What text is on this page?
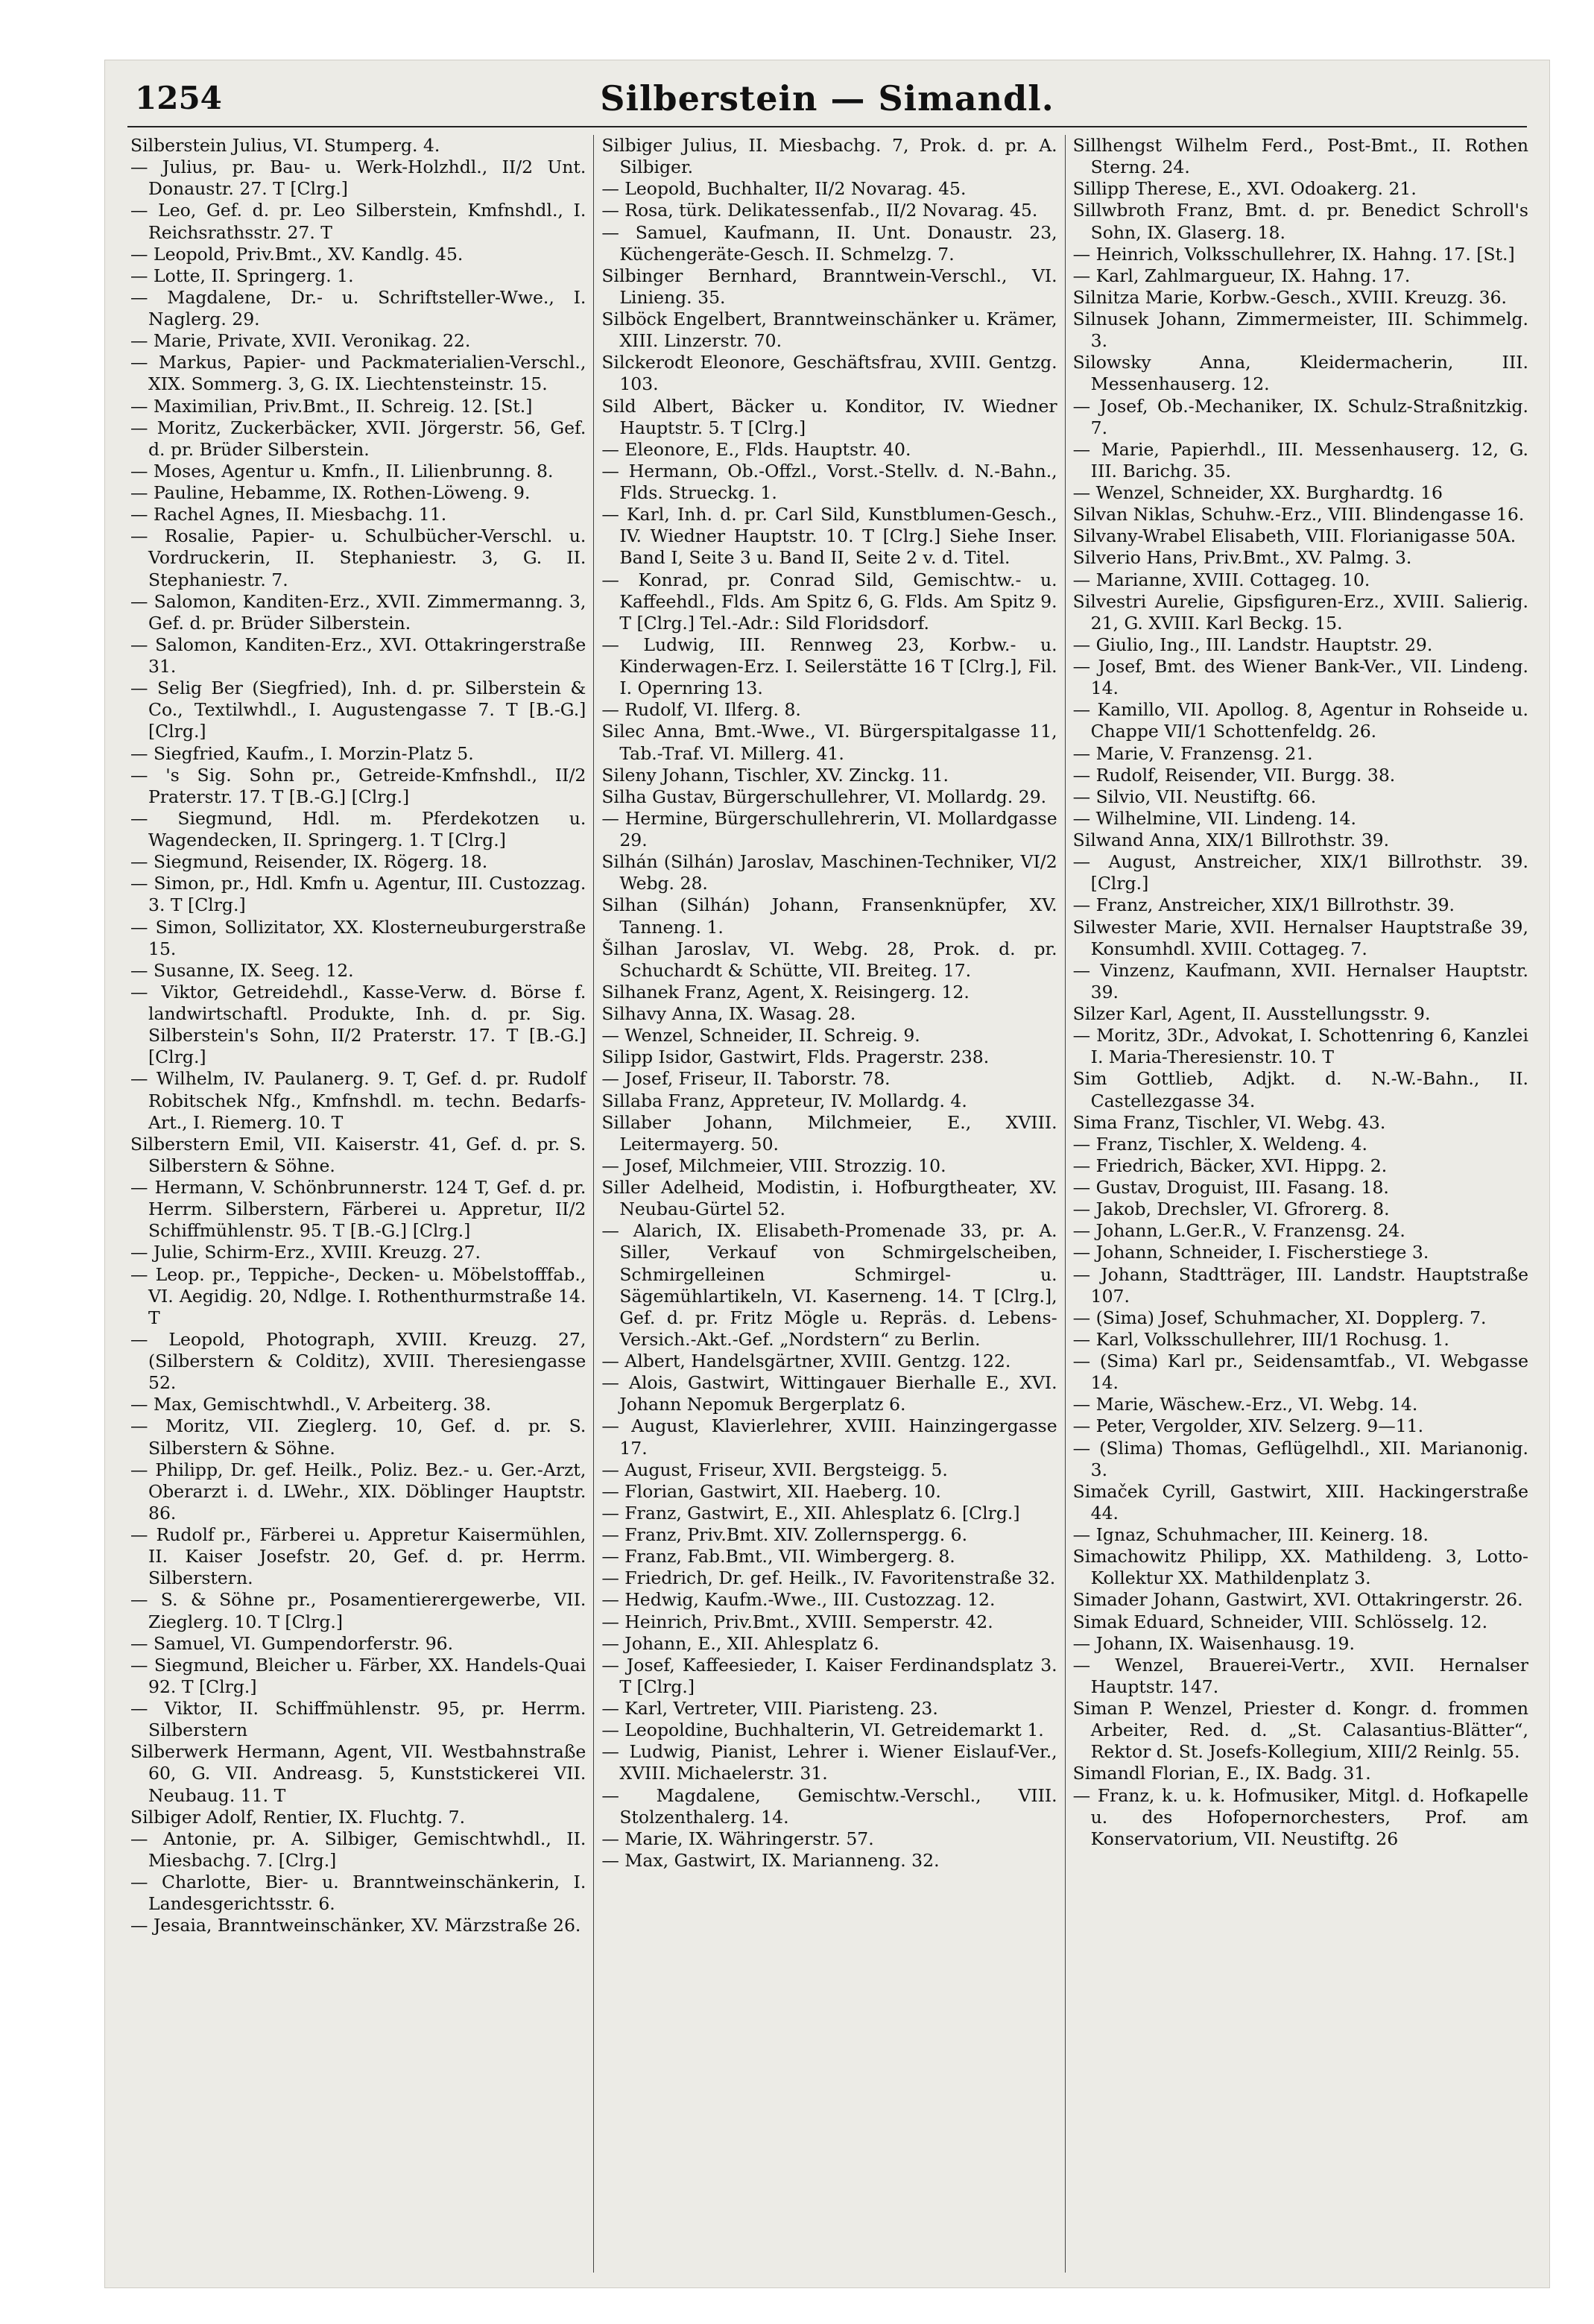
1254	Silberstein — Simandl.

Silberstein Julius, VI. Stumperg. 4.

— Julius, pr. Bau- u. Werk-Holzhdl., II/2 Unt. Donaustr. 27. T [Clrg.]

— Leo, Gef. d. pr. Leo Silberstein, Kmfnshdl., I. Reichsrathsstr. 27. T

— Leopold, Priv.Bmt., XV. Kandlg. 45.

— Lotte, II. Springerg. 1.

— Magdalene, Dr.- u. Schriftsteller-Wwe., I. Naglerg. 29.

— Marie, Private, XVII. Veronikag. 22.

— Markus, Papier- und Packmaterialien-Verschl., XIX. Sommerg. 3, G. IX. Liechtensteinstr. 15.

— Maximilian, Priv.Bmt., II. Schreig. 12. [St.]

— Moritz, Zuckerbäcker, XVII. Jörgerstr. 56, Gef. d. pr. Brüder Silberstein.

— Moses, Agentur u. Kmfn., II. Lilienbrunng. 8.

— Pauline, Hebamme, IX. Rothen-Löweng. 9.

— Rachel Agnes, II. Miesbachg. 11.

— Rosalie, Papier- u. Schulbücher-Verschl. u. Vordruckerin, II. Stephaniestr. 3, G. II. Stephaniestr. 7.

— Salomon, Kanditen-Erz., XVII. Zimmermanng. 3, Gef. d. pr. Brüder Silberstein.

— Salomon, Kanditen-Erz., XVI. Ottakringerstraße 31.

— Selig Ber (Siegfried), Inh. d. pr. Silberstein & Co., Textilwhdl., I. Augustengasse 7. T [B.-G.] [Clrg.]

— Siegfried, Kaufm., I. Morzin-Platz 5.

— 's Sig. Sohn pr., Getreide-Kmfnshdl., II/2 Praterstr. 17. T [B.-G.] [Clrg.]

— Siegmund, Hdl. m. Pferdekotzen u. Wagendecken, II. Springerg. 1. T [Clrg.]

— Siegmund, Reisender, IX. Rögerg. 18.

— Simon, pr., Hdl. Kmfn u. Agentur, III. Custozzag. 3. T [Clrg.]

— Simon, Sollizitator, XX. Klosterneuburgerstraße 15.

— Susanne, IX. Seeg. 12.

— Viktor, Getreidehdl., Kasse-Verw. d. Börse f. landwirtschaftl. Produkte, Inh. d. pr. Sig. Silberstein's Sohn, II/2 Praterstr. 17. T [B.-G.] [Clrg.]

— Wilhelm, IV. Paulanerg. 9. T, Gef. d. pr. Rudolf Robitschek Nfg., Kmfnshdl. m. techn. Bedarfs-Art., I. Riemerg. 10. T

Silberstern Emil, VII. Kaiserstr. 41, Gef. d. pr. S. Silberstern & Söhne.

— Hermann, V. Schönbrunnerstr. 124 T, Gef. d. pr. Herrm. Silberstern, Färberei u. Appretur, II/2 Schiffmühlenstr. 95. T [B.-G.] [Clrg.]

— Julie, Schirm-Erz., XVIII. Kreuzg. 27.

— Leop. pr., Teppiche-, Decken- u. Möbelstofffab., VI. Aegidig. 20, Ndlge. I. Rothenthurmstraße 14. T

— Leopold, Photograph, XVIII. Kreuzg. 27, (Silberstern & Colditz), XVIII. Theresiengasse 52.

— Max, Gemischtwhdl., V. Arbeiterg. 38.

— Moritz, VII. Zieglerg. 10, Gef. d. pr. S. Silberstern & Söhne.

— Philipp, Dr. gef. Heilk., Poliz. Bez.- u. Ger.-Arzt, Oberarzt i. d. LWehr., XIX. Döblinger Hauptstr. 86.

— Rudolf pr., Färberei u. Appretur Kaisermühlen, II. Kaiser Josefstr. 20, Gef. d. pr. Herrm. Silberstern.

— S. & Söhne pr., Posamentierergewerbe, VII. Zieglerg. 10. T [Clrg.]

— Samuel, VI. Gumpendorferstr. 96.

— Siegmund, Bleicher u. Färber, XX. Handels-Quai 92. T [Clrg.]

— Viktor, II. Schiffmühlenstr. 95, pr. Herrm. Silberstern

Silberwerk Hermann, Agent, VII. Westbahnstraße 60, G. VII. Andreasg. 5, Kunststickerei VII. Neubaug. 11. T

Silbiger Adolf, Rentier, IX. Fluchtg. 7.

— Antonie, pr. A. Silbiger, Gemischtwhdl., II. Miesbachg. 7. [Clrg.]

— Charlotte, Bier- u. Branntweinschänkerin, I. Landesgerichtsstr. 6.

— Jesaia, Branntweinschänker, XV. Märzstraße 26.

Silbiger Julius, II. Miesbachg. 7, Prok. d. pr. A. Silbiger.

— Leopold, Buchhalter, II/2 Novarag. 45.

— Rosa, türk. Delikatessenfab., II/2 Novarag. 45.

— Samuel, Kaufmann, II. Unt. Donaustr. 23, Küchengeräte-Gesch. II. Schmelzg. 7.

Silbinger Bernhard, Branntwein-Verschl., VI. Linieng. 35.

Silböck Engelbert, Branntweinschänker u. Krämer, XIII. Linzerstr. 70.

Silckerodt Eleonore, Geschäftsfrau, XVIII. Gentzg. 103.

Sild Albert, Bäcker u. Konditor, IV. Wiedner Hauptstr. 5. T [Clrg.]

— Eleonore, E., Flds. Hauptstr. 40.

— Hermann, Ob.-Offzl., Vorst.-Stellv. d. N.-Bahn., Flds. Strueckg. 1.

— Karl, Inh. d. pr. Carl Sild, Kunstblumen-Gesch., IV. Wiedner Hauptstr. 10. T [Clrg.] Siehe Inser. Band I, Seite 3 u. Band II, Seite 2 v. d. Titel.

— Konrad, pr. Conrad Sild, Gemischtw.- u. Kaffeehdl., Flds. Am Spitz 6, G. Flds. Am Spitz 9. T [Clrg.] Tel.-Adr.: Sild Floridsdorf.

— Ludwig, III. Rennweg 23, Korbw.- u. Kinderwagen-Erz. I. Seilerstätte 16 T [Clrg.], Fil. I. Opernring 13.

— Rudolf, VI. Ilferg. 8.

Silec Anna, Bmt.-Wwe., VI. Bürgerspitalgasse 11, Tab.-Traf. VI. Millerg. 41.

Sileny Johann, Tischler, XV. Zinckg. 11.

Silha Gustav, Bürgerschullehrer, VI. Mollardg. 29.

— Hermine, Bürgerschullehrerin, VI. Mollardgasse 29.

Silhán (Silhán) Jaroslav, Maschinen-Techniker, VI/2 Webg. 28.

Silhan (Silhán) Johann, Fransenknüpfer, XV. Tanneng. 1.

Šilhan Jaroslav, VI. Webg. 28, Prok. d. pr. Schuchardt & Schütte, VII. Breiteg. 17.

Silhanek Franz, Agent, X. Reisingerg. 12.

Silhavy Anna, IX. Wasag. 28.

— Wenzel, Schneider, II. Schreig. 9.

Silipp Isidor, Gastwirt, Flds. Pragerstr. 238.

— Josef, Friseur, II. Taborstr. 78.

Sillaba Franz, Appreteur, IV. Mollardg. 4.

Sillaber Johann, Milchmeier, E., XVIII. Leitermayerg. 50.

— Josef, Milchmeier, VIII. Strozzig. 10.

Siller Adelheid, Modistin, i. Hofburgtheater, XV. Neubau-Gürtel 52.

— Alarich, IX. Elisabeth-Promenade 33, pr. A. Siller, Verkauf von Schmirgelscheiben, Schmirgelleinen Schmirgel- u. Sägemühlartikeln, VI. Kaserneng. 14. T [Clrg.], Gef. d. pr. Fritz Mögle u. Repräs. d. Lebens-Versich.-Akt.-Gef. „Nordstern“ zu Berlin.

— Albert, Handelsgärtner, XVIII. Gentzg. 122.

— Alois, Gastwirt, Wittingauer Bierhalle E., XVI. Johann Nepomuk Bergerplatz 6.

— August, Klavierlehrer, XVIII. Hainzingergasse 17.

— August, Friseur, XVII. Bergsteigg. 5.

— Florian, Gastwirt, XII. Haeberg. 10.

— Franz, Gastwirt, E., XII. Ahlesplatz 6. [Clrg.]

— Franz, Priv.Bmt. XIV. Zollernspergg. 6.

— Franz, Fab.Bmt., VII. Wimbergerg. 8.

— Friedrich, Dr. gef. Heilk., IV. Favoritenstraße 32.

— Hedwig, Kaufm.-Wwe., III. Custozzag. 12.

— Heinrich, Priv.Bmt., XVIII. Semperstr. 42.

— Johann, E., XII. Ahlesplatz 6.

— Josef, Kaffeesieder, I. Kaiser Ferdinandsplatz 3. T [Clrg.]

— Karl, Vertreter, VIII. Piaristeng. 23.

— Leopoldine, Buchhalterin, VI. Getreidemarkt 1.

— Ludwig, Pianist, Lehrer i. Wiener Eislauf-Ver., XVIII. Michaelerstr. 31.

— Magdalene, Gemischtw.-Verschl., VIII. Stolzenthalerg. 14.

— Marie, IX. Währingerstr. 57.

— Max, Gastwirt, IX. Marianneng. 32.

Sillhengst Wilhelm Ferd., Post-Bmt., II. Rothen Sterng. 24.

Sillipp Therese, E., XVI. Odoakerg. 21.

Sillwbroth Franz, Bmt. d. pr. Benedict Schroll's Sohn, IX. Glaserg. 18.

— Heinrich, Volksschullehrer, IX. Hahng. 17. [St.]

— Karl, Zahlmargueur, IX. Hahng. 17.

Silnitza Marie, Korbw.-Gesch., XVIII. Kreuzg. 36.

Silnusek Johann, Zimmermeister, III. Schimmelg. 3.

Silowsky Anna, Kleidermacherin, III. Messenhauserg. 12.

— Josef, Ob.-Mechaniker, IX. Schulz-Straßnitzkig. 7.

— Marie, Papierhdl., III. Messenhauserg. 12, G. III. Barichg. 35.

— Wenzel, Schneider, XX. Burghardtg. 16

Silvan Niklas, Schuhw.-Erz., VIII. Blindengasse 16.

Silvany-Wrabel Elisabeth, VIII. Florianigasse 50A.

Silverio Hans, Priv.Bmt., XV. Palmg. 3.

— Marianne, XVIII. Cottageg. 10.

Silvestri Aurelie, Gipsfiguren-Erz., XVIII. Salierig. 21, G. XVIII. Karl Beckg. 15.

— Giulio, Ing., III. Landstr. Hauptstr. 29.

— Josef, Bmt. des Wiener Bank-Ver., VII. Lindeng. 14.

— Kamillo, VII. Apollog. 8, Agentur in Rohseide u. Chappe VII/1 Schottenfeldg. 26.

— Marie, V. Franzensg. 21.

— Rudolf, Reisender, VII. Burgg. 38.

— Silvio, VII. Neustiftg. 66.

— Wilhelmine, VII. Lindeng. 14.

Silwand Anna, XIX/1 Billrothstr. 39.

— August, Anstreicher, XIX/1 Billrothstr. 39. [Clrg.]

— Franz, Anstreicher, XIX/1 Billrothstr. 39.

Silwester Marie, XVII. Hernalser Hauptstraße 39, Konsumhdl. XVIII. Cottageg. 7.

— Vinzenz, Kaufmann, XVII. Hernalser Hauptstr. 39.

Silzer Karl, Agent, II. Ausstellungsstr. 9.

— Moritz, 3Dr., Advokat, I. Schottenring 6, Kanzlei I. Maria-Theresienstr. 10. T

Sim Gottlieb, Adjkt. d. N.-W.-Bahn., II. Castellezgasse 34.

Sima Franz, Tischler, VI. Webg. 43.

— Franz, Tischler, X. Weldeng. 4.

— Friedrich, Bäcker, XVI. Hippg. 2.

— Gustav, Droguist, III. Fasang. 18.

— Jakob, Drechsler, VI. Gfrorerg. 8.

— Johann, L.Ger.R., V. Franzensg. 24.

— Johann, Schneider, I. Fischerstiege 3.

— Johann, Stadtträger, III. Landstr. Hauptstraße 107.

— (Sima) Josef, Schuhmacher, XI. Dopplerg. 7.

— Karl, Volksschullehrer, III/1 Rochusg. 1.

— (Sima) Karl pr., Seidensamtfab., VI. Webgasse 14.

— Marie, Wäschew.-Erz., VI. Webg. 14.

— Peter, Vergolder, XIV. Selzerg. 9—11.

— (Slima) Thomas, Geflügelhdl., XII. Marianonig. 3.

Simaček Cyrill, Gastwirt, XIII. Hackingerstraße 44.

— Ignaz, Schuhmacher, III. Keinerg. 18.

Simachowitz Philipp, XX. Mathildeng. 3, Lotto-Kollektur XX. Mathildenplatz 3.

Simader Johann, Gastwirt, XVI. Ottakringerstr. 26.

Simak Eduard, Schneider, VIII. Schlösselg. 12.

— Johann, IX. Waisenhausg. 19.

— Wenzel, Brauerei-Vertr., XVII. Hernalser Hauptstr. 147.

Siman P. Wenzel, Priester d. Kongr. d. frommen Arbeiter, Red. d. „St. Calasantius-Blätter“, Rektor d. St. Josefs-Kollegium, XIII/2 Reinlg. 55.

Simandl Florian, E., IX. Badg. 31.

— Franz, k. u. k. Hofmusiker, Mitgl. d. Hofkapelle u. des Hofopernorchesters, Prof. am Konservatorium, VII. Neustiftg. 26
